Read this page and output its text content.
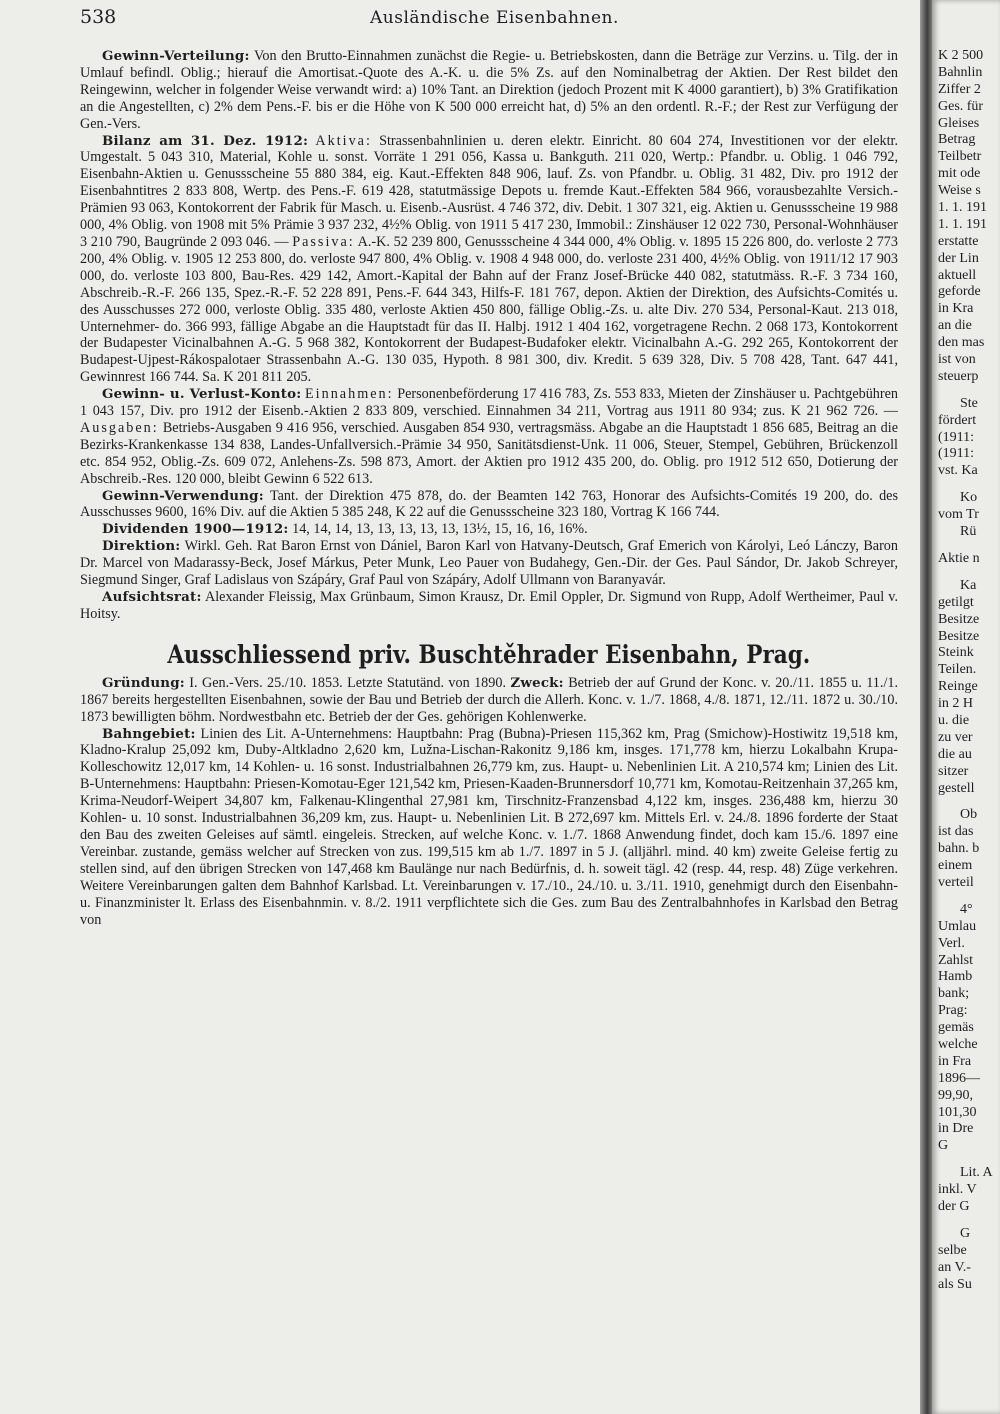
538	Ausländische Eisenbahnen.

Gewinn-Verteilung: Von den Brutto-Einnahmen zunächst die Regie- u. Betriebskosten, dann die Beträge zur Verzins. u. Tilg. der in Umlauf befindl. Oblig.; hierauf die Amortisat.-Quote des A.-K. u. die 5% Zs. auf den Nominalbetrag der Aktien. Der Rest bildet den Reingewinn, welcher in folgender Weise verwandt wird: a) 10% Tant. an Direktion (jedoch Prozent mit K 4000 garantiert), b) 3% Gratifikation an die Angestellten, c) 2% dem Pens.-F. bis er die Höhe von K 500 000 erreicht hat, d) 5% an den ordentl. R.-F.; der Rest zur Verfügung der Gen.-Vers.

Bilanz am 31. Dez. 1912: Aktiva: Strassenbahnlinien u. deren elektr. Einricht. 80 604 274, Investitionen vor der elektr. Umgestalt. 5 043 310, Material, Kohle u. sonst. Vorräte 1 291 056, Kassa u. Bankguth. 211 020, Wertp.: Pfandbr. u. Oblig. 1 046 792, Eisenbahn-Aktien u. Genussscheine 55 880 384, eig. Kaut.-Effekten 848 906, lauf. Zs. von Pfandbr. u. Oblig. 31 482, Div. pro 1912 der Eisenbahntitres 2 833 808, Wertp. des Pens.-F. 619 428, statutmässige Depots u. fremde Kaut.-Effekten 584 966, vorausbezahlte Versich.-Prämien 93 063, Kontokorrent der Fabrik für Masch. u. Eisenb.-Ausrüst. 4 746 372, div. Debit. 1 307 321, eig. Aktien u. Genussscheine 19 988 000, 4% Oblig. von 1908 mit 5% Prämie 3 937 232, 4½% Oblig. von 1911 5 417 230, Immobil.: Zinshäuser 12 022 730, Personal-Wohnhäuser 3 210 790, Baugründe 2 093 046. — Passiva: A.-K. 52 239 800, Genussscheine 4 344 000, 4% Oblig. v. 1895 15 226 800, do. verloste 2 773 200, 4% Oblig. v. 1905 12 253 800, do. verloste 947 800, 4% Oblig. v. 1908 4 948 000, do. verloste 231 400, 4½% Oblig. von 1911/12 17 903 000, do. verloste 103 800, Bau-Res. 429 142, Amort.-Kapital der Bahn auf der Franz Josef-Brücke 440 082, statutmäss. R.-F. 3 734 160, Abschreib.-R.-F. 266 135, Spez.-R.-F. 52 228 891, Pens.-F. 644 343, Hilfs-F. 181 767, depon. Aktien der Direktion, des Aufsichts-Comités u. des Ausschusses 272 000, verloste Oblig. 335 480, verloste Aktien 450 800, fällige Oblig.-Zs. u. alte Div. 270 534, Personal-Kaut. 213 018, Unternehmer- do. 366 993, fällige Abgabe an die Hauptstadt für das II. Halbj. 1912 1 404 162, vorgetragene Rechn. 2 068 173, Kontokorrent der Budapester Vicinalbahnen A.-G. 5 968 382, Kontokorrent der Budapest-Budafoker elektr. Vicinalbahn A.-G. 292 265, Kontokorrent der Budapest-Ujpest-Rákospalotaer Strassenbahn A.-G. 130 035, Hypoth. 8 981 300, div. Kredit. 5 639 328, Div. 5 708 428, Tant. 647 441, Gewinnrest 166 744. Sa. K 201 811 205.

Gewinn- u. Verlust-Konto: Einnahmen: Personenbeförderung 17 416 783, Zs. 553 833, Mieten der Zinshäuser u. Pachtgebühren 1 043 157, Div. pro 1912 der Eisenb.-Aktien 2 833 809, verschied. Einnahmen 34 211, Vortrag aus 1911 80 934; zus. K 21 962 726. — Ausgaben: Betriebs-Ausgaben 9 416 956, verschied. Ausgaben 854 930, vertragsmäss. Abgabe an die Hauptstadt 1 856 685, Beitrag an die Bezirks-Krankenkasse 134 838, Landes-Unfallversich.-Prämie 34 950, Sanitätsdienst-Unk. 11 006, Steuer, Stempel, Gebühren, Brückenzoll etc. 854 952, Oblig.-Zs. 609 072, Anlehens-Zs. 598 873, Amort. der Aktien pro 1912 435 200, do. Oblig. pro 1912 512 650, Dotierung der Abschreib.-Res. 120 000, bleibt Gewinn 6 522 613.

Gewinn-Verwendung: Tant. der Direktion 475 878, do. der Beamten 142 763, Honorar des Aufsichts-Comités 19 200, do. des Ausschusses 9600, 16% Div. auf die Aktien 5 385 248, K 22 auf die Genussscheine 323 180, Vortrag K 166 744.

Dividenden 1900—1912: 14, 14, 14, 13, 13, 13, 13, 13, 13½, 15, 16, 16, 16%.

Direktion: Wirkl. Geh. Rat Baron Ernst von Dániel, Baron Karl von Hatvany-Deutsch, Graf Emerich von Károlyi, Leó Lánczy, Baron Dr. Marcel von Madarassy-Beck, Josef Márkus, Peter Munk, Leo Pauer von Budahegy, Gen.-Dir. der Ges. Paul Sándor, Dr. Jakob Schreyer, Siegmund Singer, Graf Ladislaus von Szápáry, Graf Paul von Szápáry, Adolf Ullmann von Baranyavár.

Aufsichtsrat: Alexander Fleissig, Max Grünbaum, Simon Krausz, Dr. Emil Oppler, Dr. Sigmund von Rupp, Adolf Wertheimer, Paul v. Hoitsy.

Ausschliessend priv. Buschtěhrader Eisenbahn, Prag.

Gründung: I. Gen.-Vers. 25./10. 1853. Letzte Statutänd. von 1890. Zweck: Betrieb der auf Grund der Konc. v. 20./11. 1855 u. 11./1. 1867 bereits hergestellten Eisenbahnen, sowie der Bau und Betrieb der durch die Allerh. Konc. v. 1./7. 1868, 4./8. 1871, 12./11. 1872 u. 30./10. 1873 bewilligten böhm. Nordwestbahn etc. Betrieb der der Ges. gehörigen Kohlenwerke.

Bahngebiet: Linien des Lit. A-Unternehmens: Hauptbahn: Prag (Bubna)-Priesen 115,362 km, Prag (Smichow)-Hostiwitz 19,518 km, Kladno-Kralup 25,092 km, Duby-Altkladno 2,620 km, Lužna-Lischan-Rakonitz 9,186 km, insges. 171,778 km, hierzu Lokalbahn Krupa-Kolleschowitz 12,017 km, 14 Kohlen- u. 16 sonst. Industrialbahnen 26,779 km, zus. Haupt- u. Nebenlinien Lit. A 210,574 km; Linien des Lit. B-Unternehmens: Hauptbahn: Priesen-Komotau-Eger 121,542 km, Priesen-Kaaden-Brunnersdorf 10,771 km, Komotau-Reitzenhain 37,265 km, Krima-Neudorf-Weipert 34,807 km, Falkenau-Klingenthal 27,981 km, Tirschnitz-Franzensbad 4,122 km, insges. 236,488 km, hierzu 30 Kohlen- u. 10 sonst. Industrialbahnen 36,209 km, zus. Haupt- u. Nebenlinien Lit. B 272,697 km. Mittels Erl. v. 24./8. 1896 forderte der Staat den Bau des zweiten Geleises auf sämtl. eingeleis. Strecken, auf welche Konc. v. 1./7. 1868 Anwendung findet, doch kam 15./6. 1897 eine Vereinbar. zustande, gemäss welcher auf Strecken von zus. 199,515 km ab 1./7. 1897 in 5 J. (alljährl. mind. 40 km) zweite Geleise fertig zu stellen sind, auf den übrigen Strecken von 147,468 km Baulänge nur nach Bedürfnis, d. h. soweit tägl. 42 (resp. 44, resp. 48) Züge verkehren. Weitere Vereinbarungen galten dem Bahnhof Karlsbad. Lt. Vereinbarungen v. 17./10., 24./10. u. 3./11. 1910, genehmigt durch den Eisenbahn- u. Finanzminister lt. Erlass des Eisenbahnmin. v. 8./2. 1911 verpflichtete sich die Ges. zum Bau des Zentralbahnhofes in Karlsbad den Betrag von

K 2 500
Bahnlin
Ziffer 2
Ges. für
Gleises
Betrag
Teilbetr
mit ode
Weise s
1. 1. 191
1. 1. 191
erstatte
der Lin
aktuell
geforde
in Kra
an die
den mas
ist von
steuerp
Ste
fördert
(1911:
(1911:
vst. Ka
Ko
vom Tr
Rü
Aktie n
Ka
getilgt
Besitze
Besitze
Steink
Teilen.
Reinge
in 2 H
u. die
zu ver
die au
sitzer
gestell
Ob
ist das
bahn. b
einem
verteil
4°
Umlau
Verl.
Zahlst
Hamb
bank;
Prag:
gemäs
welche
in Fra
1896—
99,90,
101,30
in Dre
G
Lit. A
inkl. V
der G
G
selbe
an V.-
als Su
